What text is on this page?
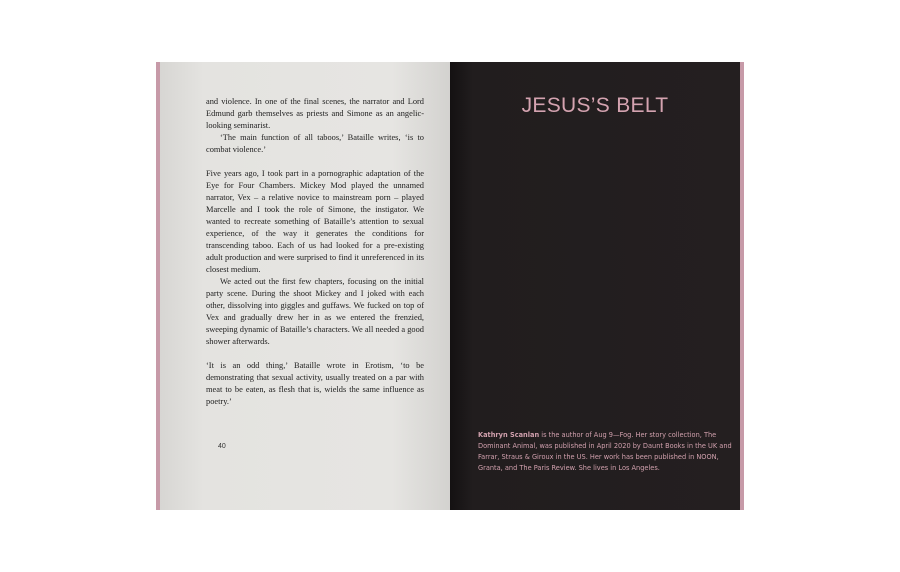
and violence. In one of the final scenes, the narrator and Lord Edmund garb themselves as priests and Simone as an angelic-looking seminarist.

‘The main function of all taboos,’ Bataille writes, ‘is to combat violence.’

Five years ago, I took part in a pornographic adaptation of the Eye for Four Chambers. Mickey Mod played the unnamed narrator, Vex – a relative novice to mainstream porn – played Marcelle and I took the role of Simone, the instigator. We wanted to recreate something of Bataille’s attention to sexual experience, of the way it generates the conditions for transcending taboo. Each of us had looked for a pre-existing adult production and were surprised to find it unreferenced in its closest medium.

We acted out the first few chapters, focusing on the initial party scene. During the shoot Mickey and I joked with each other, dissolving into giggles and guffaws. We fucked on top of Vex and gradually drew her in as we entered the frenzied, sweeping dynamic of Bataille’s characters. We all needed a good shower afterwards.

‘It is an odd thing,’ Bataille wrote in Erotism, ‘to be demonstrating that sexual activity, usually treated on a par with meat to be eaten, as flesh that is, wields the same influence as poetry.’

40
JESUS’S BELT
Kathryn Scanlan is the author of Aug 9—Fog. Her story collection, The Dominant Animal, was published in April 2020 by Daunt Books in the UK and Farrar, Straus & Giroux in the US. Her work has been published in NOON, Granta, and The Paris Review. She lives in Los Angeles.
